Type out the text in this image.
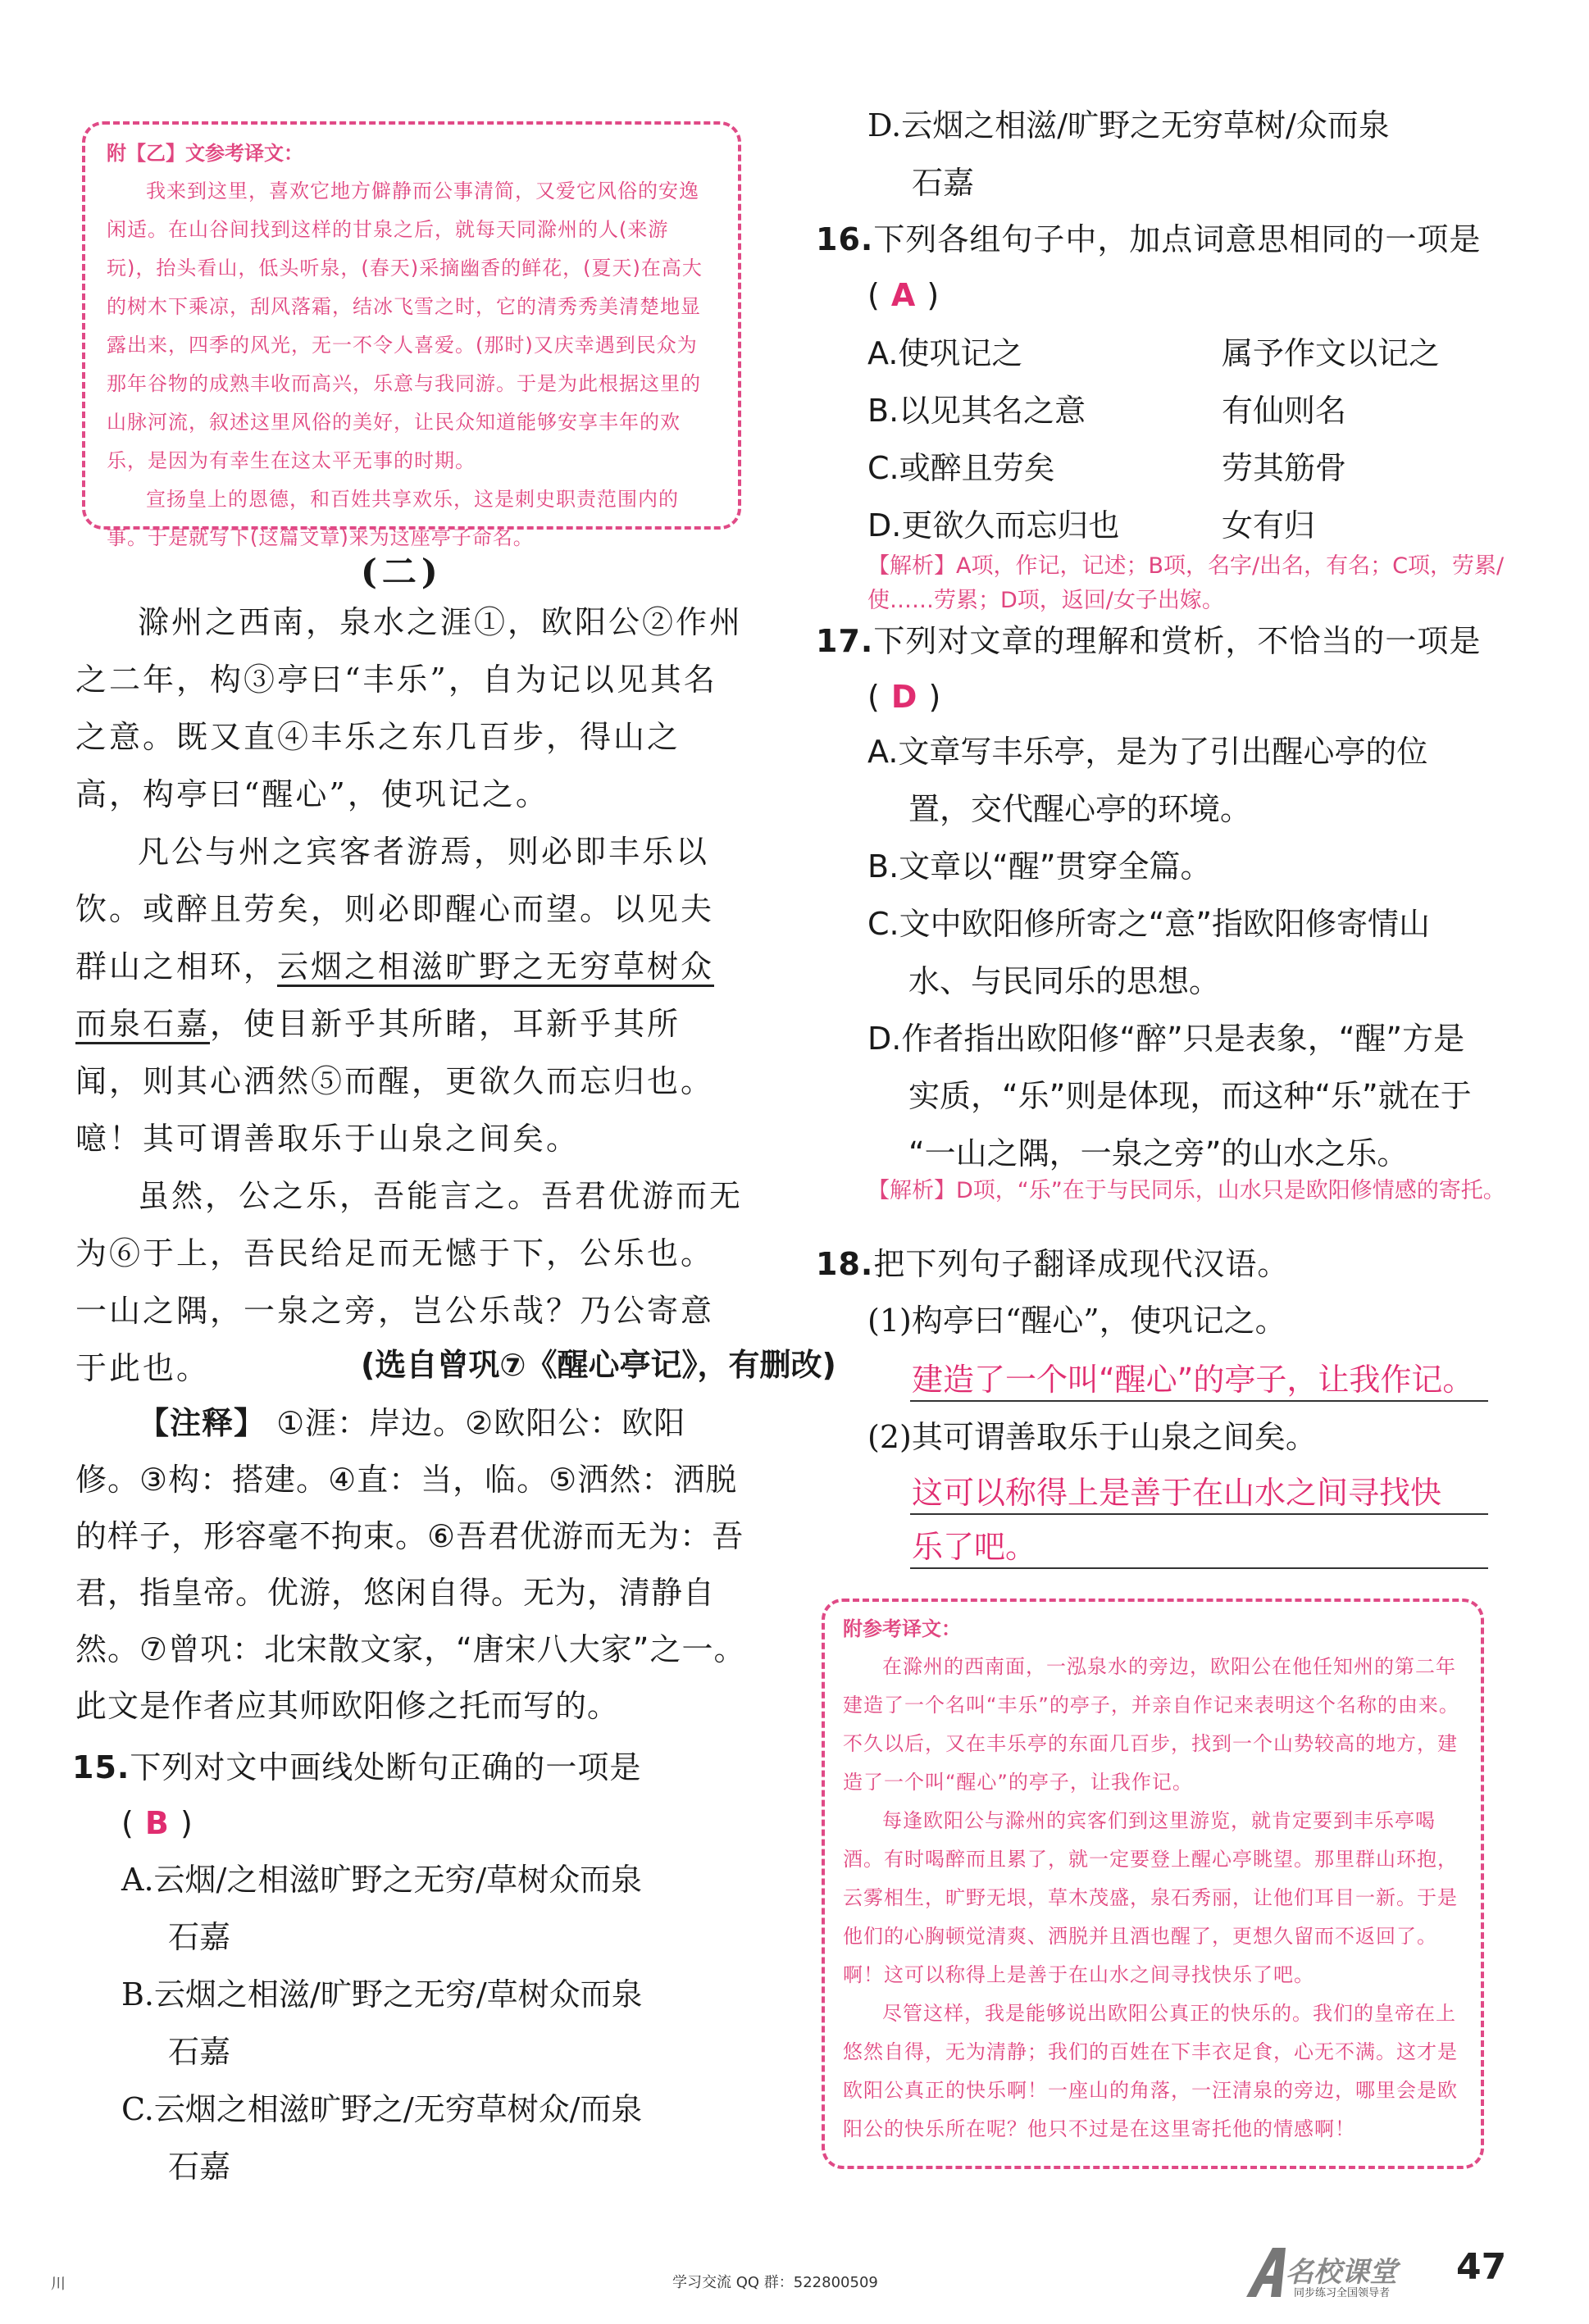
附【乙】文参考译文：

我来到这里，喜欢它地方僻静而公事清简，又爱它风俗的安逸闲适。在山谷间找到这样的甘泉之后，就每天同滁州的人(来游玩)，抬头看山，低头听泉，(春天)采摘幽香的鲜花，(夏天)在高大的树木下乘凉，刮风落霜，结冰飞雪之时，它的清秀秀美清楚地显露出来，四季的风光，无一不令人喜爱。(那时)又庆幸遇到民众为那年谷物的成熟丰收而高兴，乐意与我同游。于是为此根据这里的山脉河流，叙述这里风俗的美好，让民众知道能够安享丰年的欢乐，是因为有幸生在这太平无事的时期。

宣扬皇上的恩德，和百姓共享欢乐，这是刺史职责范围内的事。于是就写下(这篇文章)来为这座亭子命名。

(二)

滁州之西南，泉水之涯①，欧阳公②作州之二年，构③亭曰“丰乐”，自为记以见其名之意。既又直④丰乐之东几百步，得山之高，构亭曰“醒心”，使巩记之。

凡公与州之宾客者游焉，则必即丰乐以饮。或醉且劳矣，则必即醒心而望。以见夫群山之相环，云烟之相滋旷野之无穷草树众而泉石嘉，使目新乎其所睹，耳新乎其所闻，则其心洒然⑤而醒，更欲久而忘归也。噫！其可谓善取乐于山泉之间矣。

虽然，公之乐，吾能言之。吾君优游而无为⑥于上，吾民给足而无憾于下，公乐也。一山之隅，一泉之旁，岂公乐哉？乃公寄意于此也。	(选自曾巩⑦《醒心亭记》，有删改)
【注释】 ①涯：岸边。②欧阳公：欧阳修。③构：搭建。④直：当，临。⑤洒然：洒脱的样子，形容毫不拘束。⑥吾君优游而无为：吾君，指皇帝。优游，悠闲自得。无为，清静自然。⑦曾巩：北宋散文家，“唐宋八大家”之一。此文是作者应其师欧阳修之托而写的。
15.下列对文中画线处断句正确的一项是
( B )
A.云烟/之相滋旷野之无穷/草树众而泉
石嘉
B.云烟之相滋/旷野之无穷/草树众而泉
石嘉
C.云烟之相滋旷野之/无穷草树众/而泉
石嘉
D.云烟之相滋/旷野之无穷草树/众而泉
石嘉
16.下列各组句子中，加点词意思相同的一项是
( A )
A.使巩记之	属予作文以记之
B.以见其名之意	有仙则名
C.或醉且劳矣	劳其筋骨
D.更欲久而忘归也	女有归
【解析】A项，作记，记述；B项，名字/出名，有名；C项，劳累/使……劳累；D项，返回/女子出嫁。
17.下列对文章的理解和赏析，不恰当的一项是
( D )
A.文章写丰乐亭，是为了引出醒心亭的位
置，交代醒心亭的环境。
B.文章以“醒”贯穿全篇。
C.文中欧阳修所寄之“意”指欧阳修寄情山
水、与民同乐的思想。
D.作者指出欧阳修“醉”只是表象，“醒”方是
实质，“乐”则是体现，而这种“乐”就在于
“一山之隅，一泉之旁”的山水之乐。
【解析】D项，“乐”在于与民同乐，山水只是欧阳修情感的寄托。
18.把下列句子翻译成现代汉语。
(1)构亭曰“醒心”，使巩记之。
建造了一个叫“醒心”的亭子，让我作记。
(2)其可谓善取乐于山泉之间矣。
这可以称得上是善于在山水之间寻找快
乐了吧。
附参考译文：

在滁州的西南面，一泓泉水的旁边，欧阳公在他任知州的第二年建造了一个名叫“丰乐”的亭子，并亲自作记来表明这个名称的由来。不久以后，又在丰乐亭的东面几百步，找到一个山势较高的地方，建造了一个叫“醒心”的亭子，让我作记。

每逢欧阳公与滁州的宾客们到这里游览，就肯定要到丰乐亭喝酒。有时喝醉而且累了，就一定要登上醒心亭眺望。那里群山环抱，云雾相生，旷野无垠，草木茂盛，泉石秀丽，让他们耳目一新。于是他们的心胸顿觉清爽、洒脱并且酒也醒了，更想久留而不返回了。啊！这可以称得上是善于在山水之间寻找快乐了吧。

尽管这样，我是能够说出欧阳公真正的快乐的。我们的皇帝在上悠然自得，无为清静；我们的百姓在下丰衣足食，心无不满。这才是欧阳公真正的快乐啊！一座山的角落，一汪清泉的旁边，哪里会是欧阳公的快乐所在呢？他只不过是在这里寄托他的情感啊！

川	学习交流 QQ 群：522800509	名校课堂
同步练习全国领导者
47
